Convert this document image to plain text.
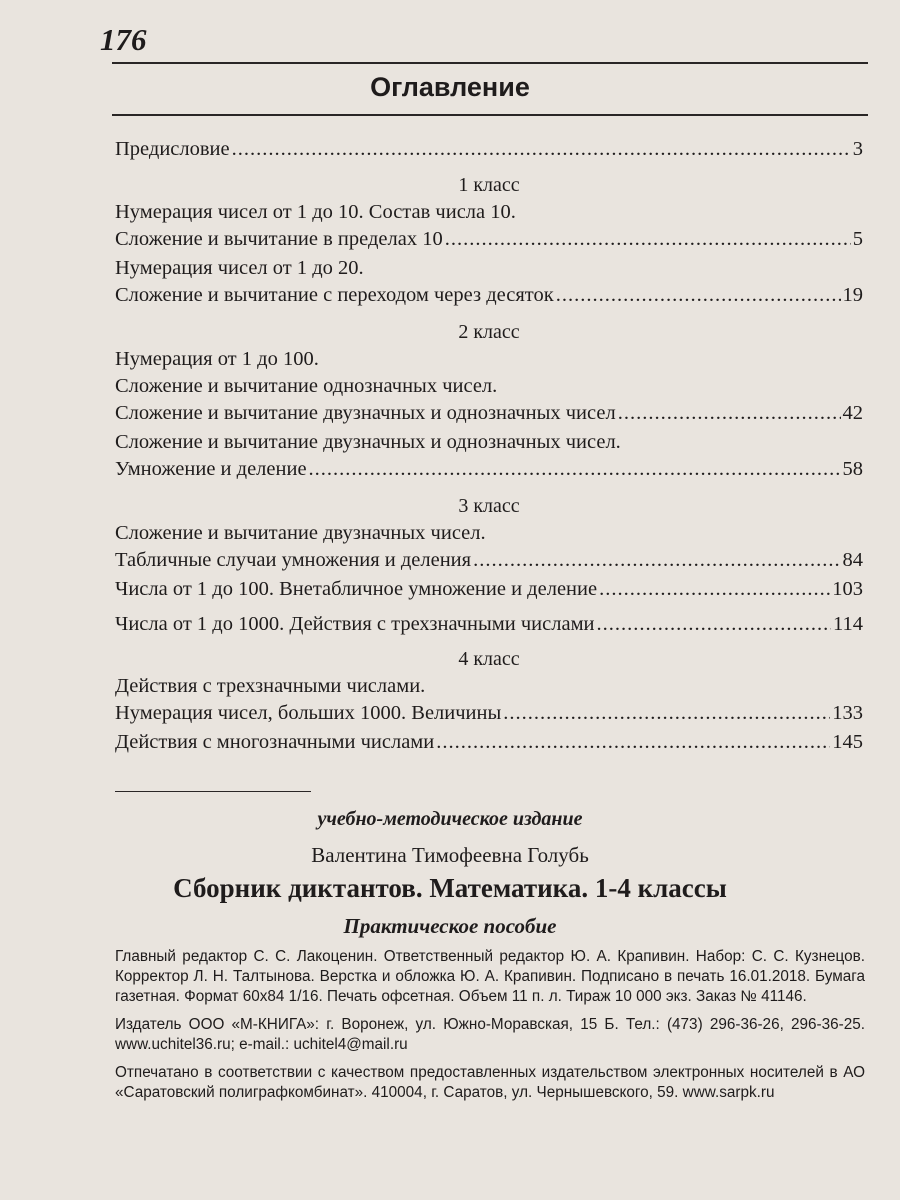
176
Оглавление
Предисловие .....	3
1 класс
Нумерация чисел от 1 до 10. Состав числа 10.
Сложение и вычитание в пределах 10 .....	5
Нумерация чисел от 1 до 20.
Сложение и вычитание с переходом через десяток .....	19
2 класс
Нумерация от 1 до 100.
Сложение и вычитание однозначных чисел.
Сложение и вычитание двузначных и однозначных чисел .....	42
Сложение и вычитание двузначных и однозначных чисел.
Умножение и деление .....	58
3 класс
Сложение и вычитание двузначных чисел.
Табличные случаи умножения и деления .....	84
Числа от 1 до 100. Внетабличное умножение и деление .....	103
Числа от 1 до 1000. Действия с трехзначными числами .....	114
4 класс
Действия с трехзначными числами.
Нумерация чисел, больших 1000. Величины .....	133
Действия с многозначными числами .....	145
учебно-методическое издание
Валентина Тимофеевна Голубь
Сборник диктантов. Математика. 1-4 классы
Практическое пособие

Главный редактор С. С. Лакоценин. Ответственный редактор Ю. А. Крапивин. Набор: С. С. Кузнецов. Корректор Л. Н. Талтынова. Верстка и обложка Ю. А. Крапивин. Подписано в печать 16.01.2018. Бумага газетная. Формат 60x84 1/16. Печать офсетная. Объем 11 п. л. Тираж 10 000 экз. Заказ № 41146.

Издатель ООО «М-КНИГА»: г. Воронеж, ул. Южно-Моравская, 15 Б. Тел.: (473) 296-36-26, 296-36-25. www.uchitel36.ru; e-mail.: uchitel4@mail.ru

Отпечатано в соответствии с качеством предоставленных издательством электронных носителей в АО «Саратовский полиграфкомбинат». 410004, г. Саратов, ул. Чернышевского, 59. www.sarpk.ru
